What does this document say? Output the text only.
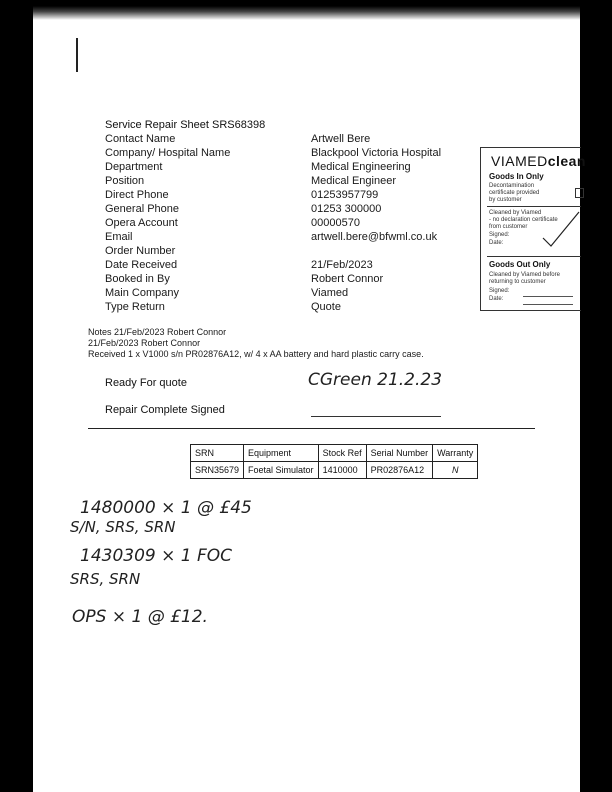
Service Repair Sheet SRS68398
Contact Name	Artwell Bere
Company/ Hospital Name	Blackpool Victoria Hospital
Department	Medical Engineering
Position	Medical Engineer
Direct Phone	01253957799
General Phone	01253 300000
Opera Account	00000570
Email	artwell.bere@bfwml.co.uk
Order Number
Date Received	21/Feb/2023
Booked in By	Robert Connor
Main Company	Viamed
Type Return	Quote
VIAMEDclean
Goods In Only
Decontamination
certificate provided
by customer
Cleaned by Viamed
- no declaration certificate
from customer
Signed:
Date:
Goods Out Only
Cleaned by Viamed before
returning to customer
Signed:
Date:
Notes 21/Feb/2023 Robert Connor
21/Feb/2023 Robert Connor
Received 1 x V1000 s/n PR02876A12, w/ 4 x AA battery and hard plastic carry case.
Ready For quote	CGreen 21.2.23
Repair Complete Signed
SRN	Equipment	Stock Ref	Serial Number	Warranty
SRN35679	Foetal Simulator	1410000	PR02876A12	N
1480000 × 1 @ £45
S/N, SRS, SRN
1430309 × 1 FOC
SRS, SRN
OPS × 1 @ £12.
